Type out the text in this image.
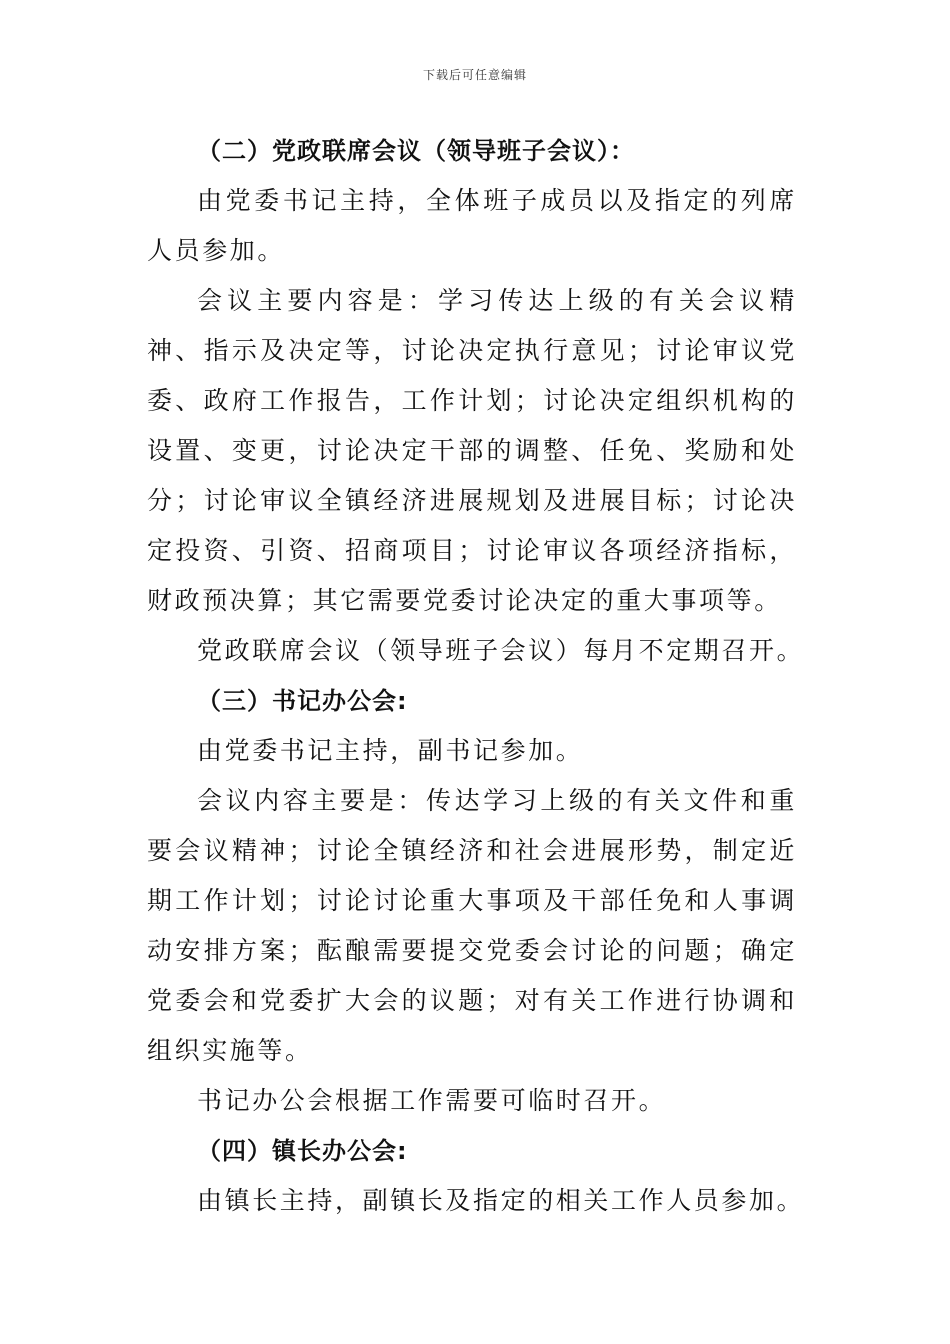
下载后可任意编辑
（二）党政联席会议（领导班子会议）：

由党委书记主持，全体班子成员以及指定的列席人员参加。

会议主要内容是：学习传达上级的有关会议精神、指示及决定等，讨论决定执行意见；讨论审议党委、政府工作报告，工作计划；讨论决定组织机构的设置、变更，讨论决定干部的调整、任免、奖励和处分；讨论审议全镇经济进展规划及进展目标；讨论决定投资、引资、招商项目；讨论审议各项经济指标，财政预决算；其它需要党委讨论决定的重大事项等。

党政联席会议（领导班子会议）每月不定期召开。

（三）书记办公会:

由党委书记主持，副书记参加。

会议内容主要是：传达学习上级的有关文件和重要会议精神；讨论全镇经济和社会进展形势，制定近期工作计划；讨论讨论重大事项及干部任免和人事调动安排方案；酝酿需要提交党委会讨论的问题；确定党委会和党委扩大会的议题；对有关工作进行协调和组织实施等。

书记办公会根据工作需要可临时召开。

（四）镇长办公会:

由镇长主持，副镇长及指定的相关工作人员参加。
